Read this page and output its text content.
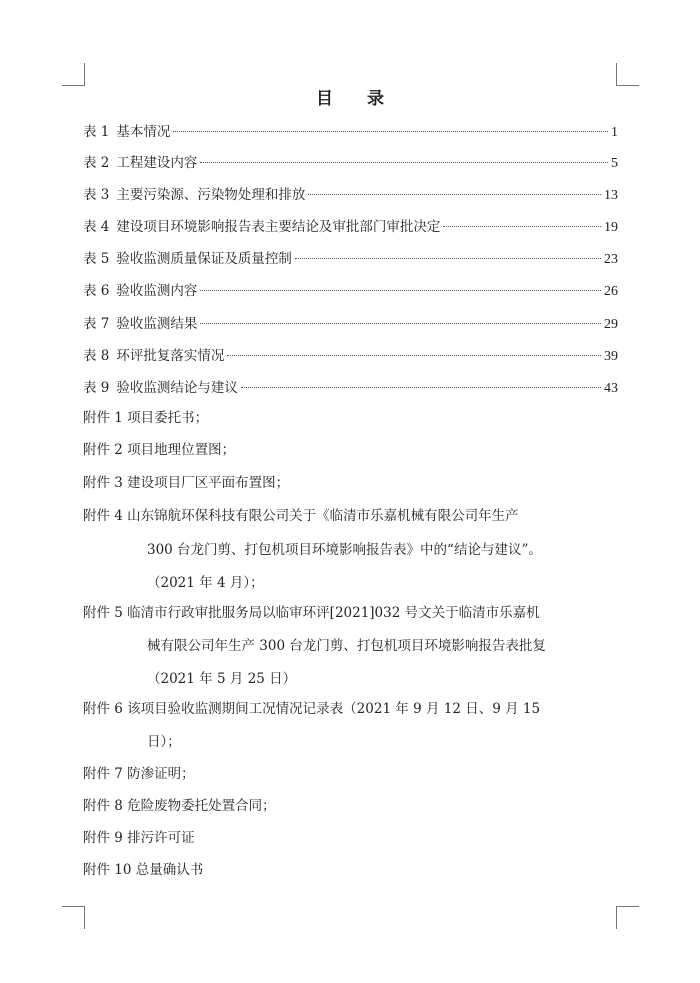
目 录
表 1 基本情况	1
表 2 工程建设内容	5
表 3 主要污染源、污染物处理和排放	13
表 4 建设项目环境影响报告表主要结论及审批部门审批决定	19
表 5 验收监测质量保证及质量控制	23
表 6 验收监测内容	26
表 7 验收监测结果	29
表 8 环评批复落实情况	39
表 9 验收监测结论与建议	43
附件 1 项目委托书；
附件 2 项目地理位置图；
附件 3 建设项目厂区平面布置图；
附件 4 山东锦航环保科技有限公司关于《临清市乐嘉机械有限公司年生产
300 台龙门剪、打包机项目环境影响报告表》中的“结论与建议”。
（2021 年 4 月）；
附件 5 临清市行政审批服务局以临审环评[2021]032 号文关于临清市乐嘉机
械有限公司年生产 300 台龙门剪、打包机项目环境影响报告表批复
（2021 年 5 月 25 日）
附件 6 该项目验收监测期间工况情况记录表（2021 年 9 月 12 日、9 月 15
日）；
附件 7 防渗证明；
附件 8 危险废物委托处置合同；
附件 9 排污许可证
附件 10 总量确认书
